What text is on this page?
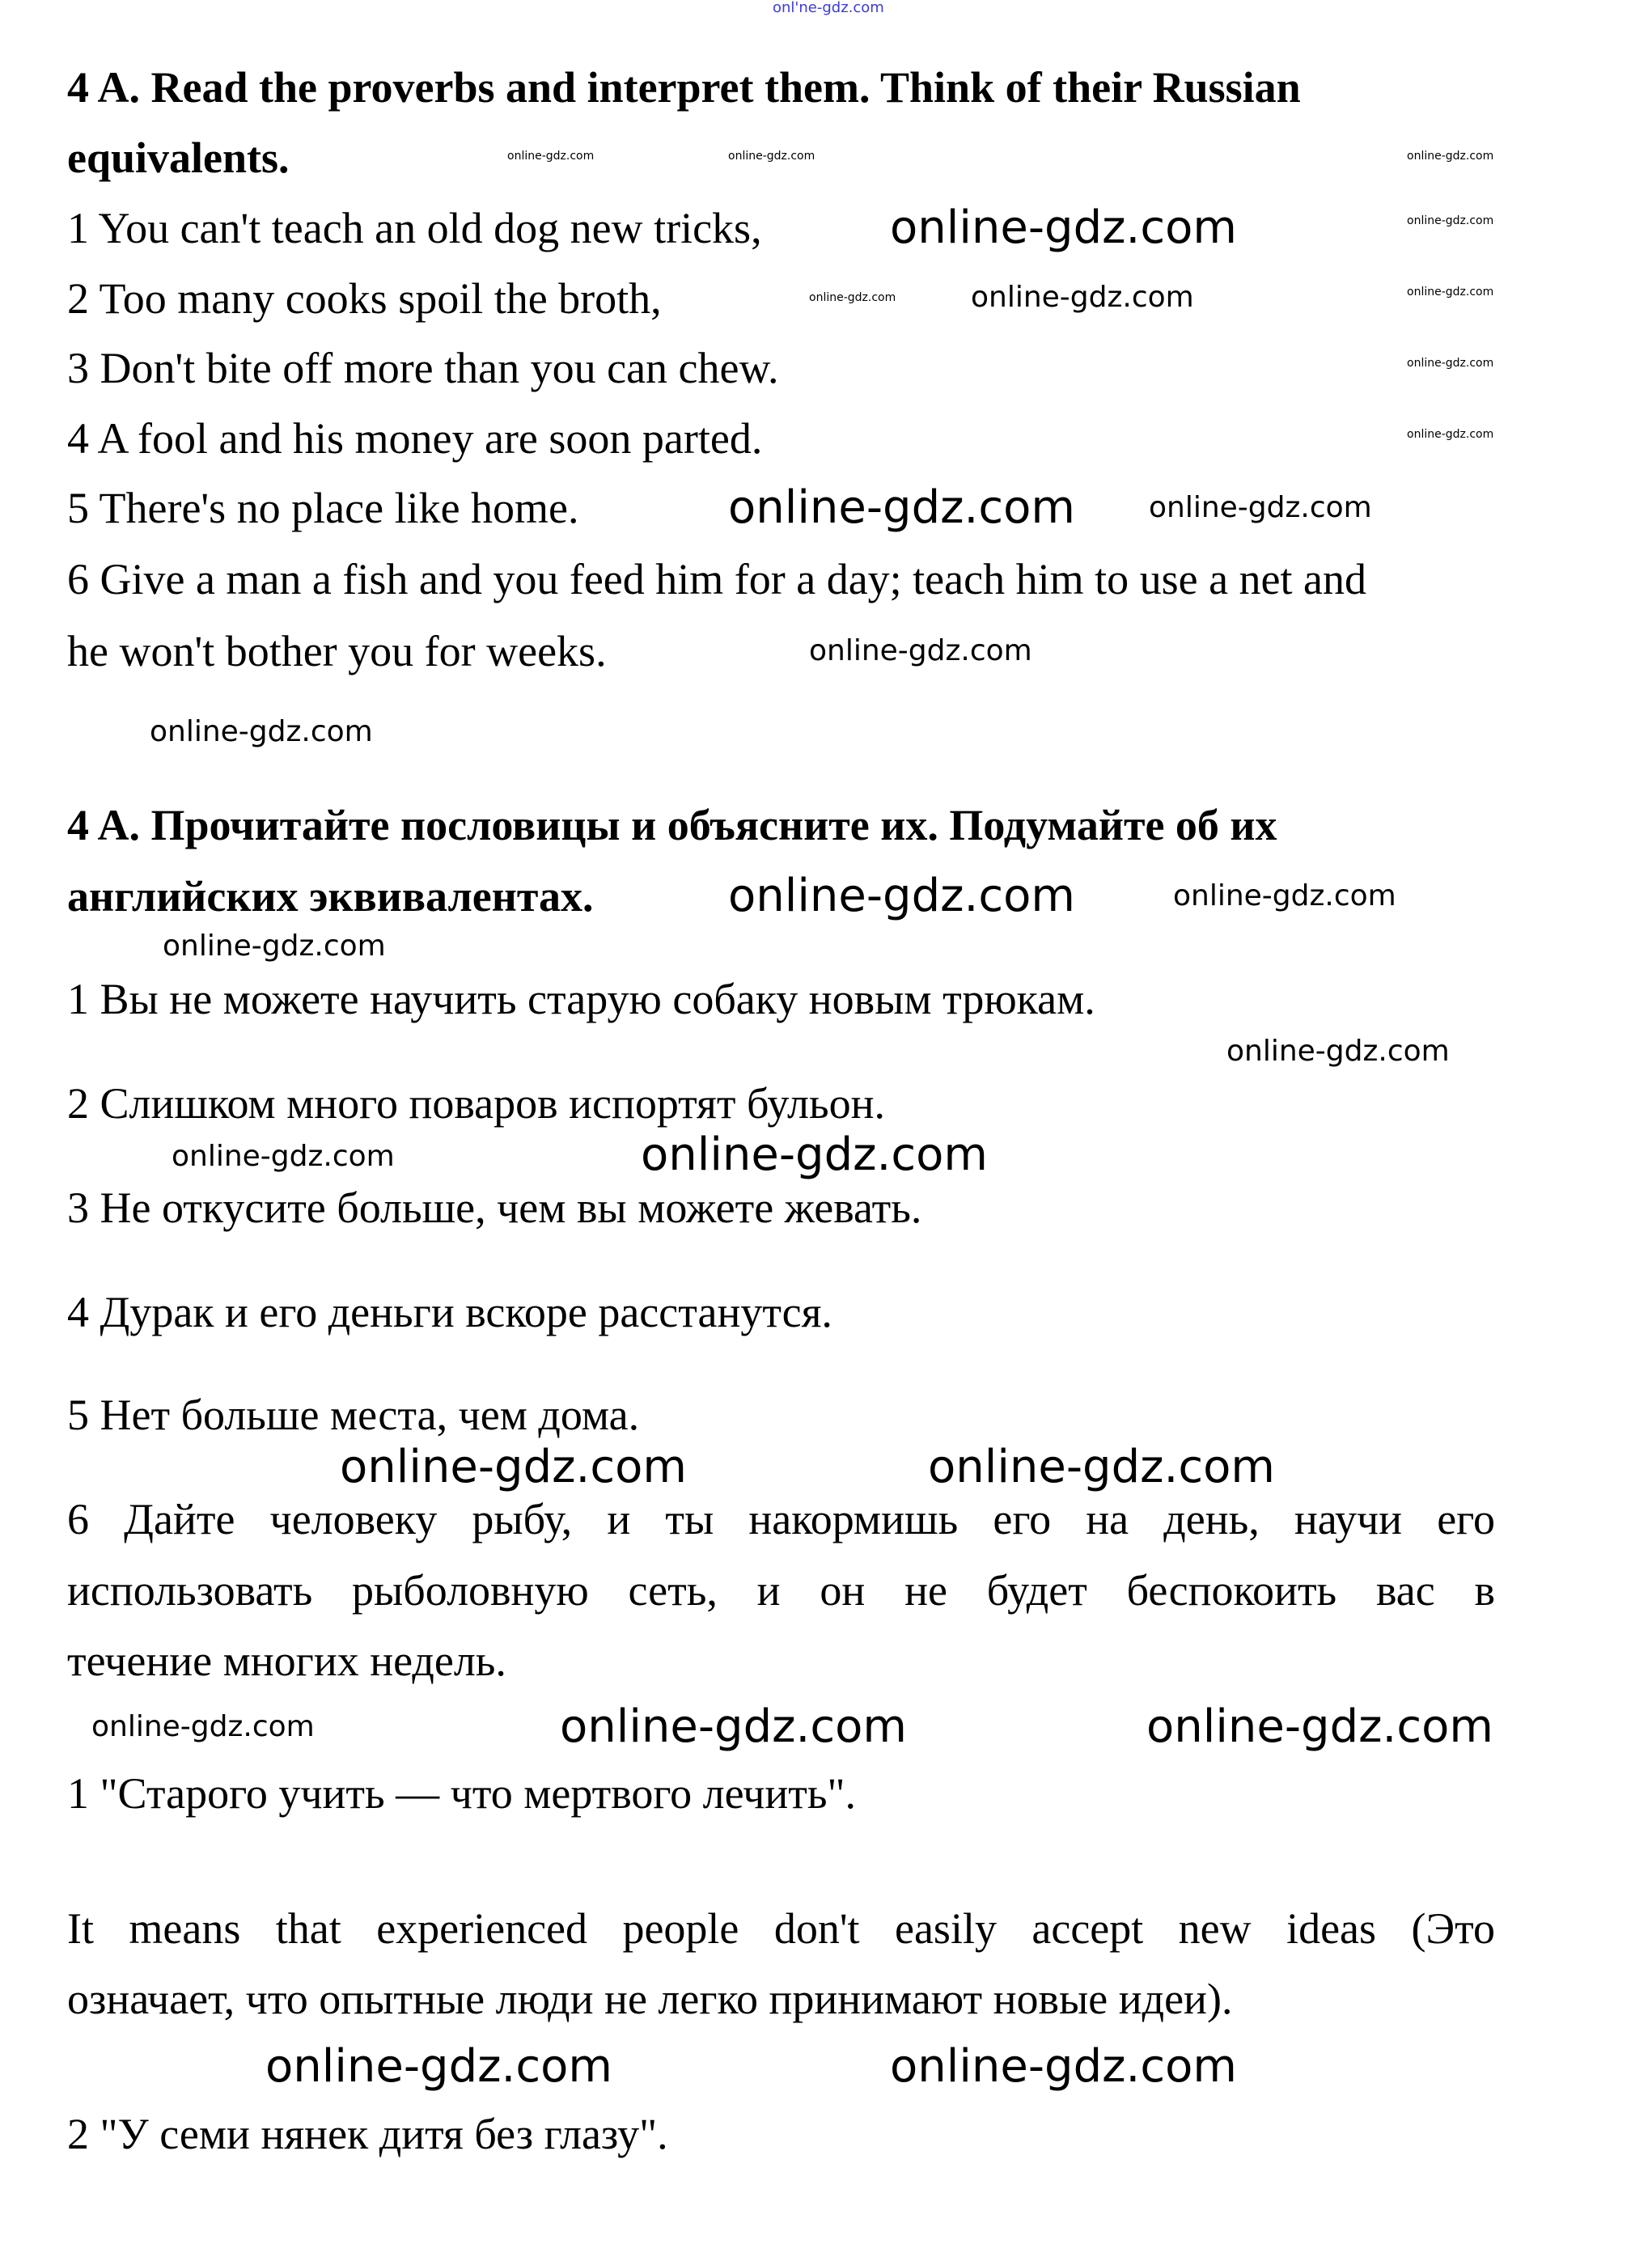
onl'ne-gdz.com
4 A. Read the proverbs and interpret them. Think of their Russian
equivalents.
1 You can't teach an old dog new tricks,
2 Too many cooks spoil the broth,
3 Don't bite off more than you can chew.
4 A fool and his money are soon parted.
5 There's no place like home.
6 Give a man a fish and you feed him for a day; teach him to use a net and
he won't bother you for weeks.
4 A. Прочитайте пословицы и объясните их. Подумайте об их
английских эквивалентах.
1 Вы не можете научить старую собаку новым трюкам.
2 Слишком много поваров испортят бульон.
3 Не откусите больше, чем вы можете жевать.
4 Дурак и его деньги вскоре расстанутся.
5 Нет больше места, чем дома.
6 Дайте человеку рыбу, и ты накормишь его на день, научи его
использовать рыболовную сеть, и он не будет беспокоить вас в
течение многих недель.
1 "Старого учить — что мертвого лечить".
It means that experienced people don't easily accept new ideas (Это
означает, что опытные люди не легко принимают новые идеи).
2 "У семи нянек дитя без глазу".
online-gdz.com
online-gdz.com
online-gdz.com
online-gdz.com
online-gdz.com	online-gdz.com
online-gdz.com	online-gdz.com
online-gdz.com	online-gdz.com
online-gdz.com
online-gdz.com
online-gdz.com
online-gdz.com
online-gdz.com
online-gdz.com
online-gdz.com
online-gdz.com
online-gdz.com
online-gdz.com	online-gdz.com
online-gdz.com
online-gdz.com
online-gdz.com
online-gdz.com
online-gdz.com
online-gdz.com
